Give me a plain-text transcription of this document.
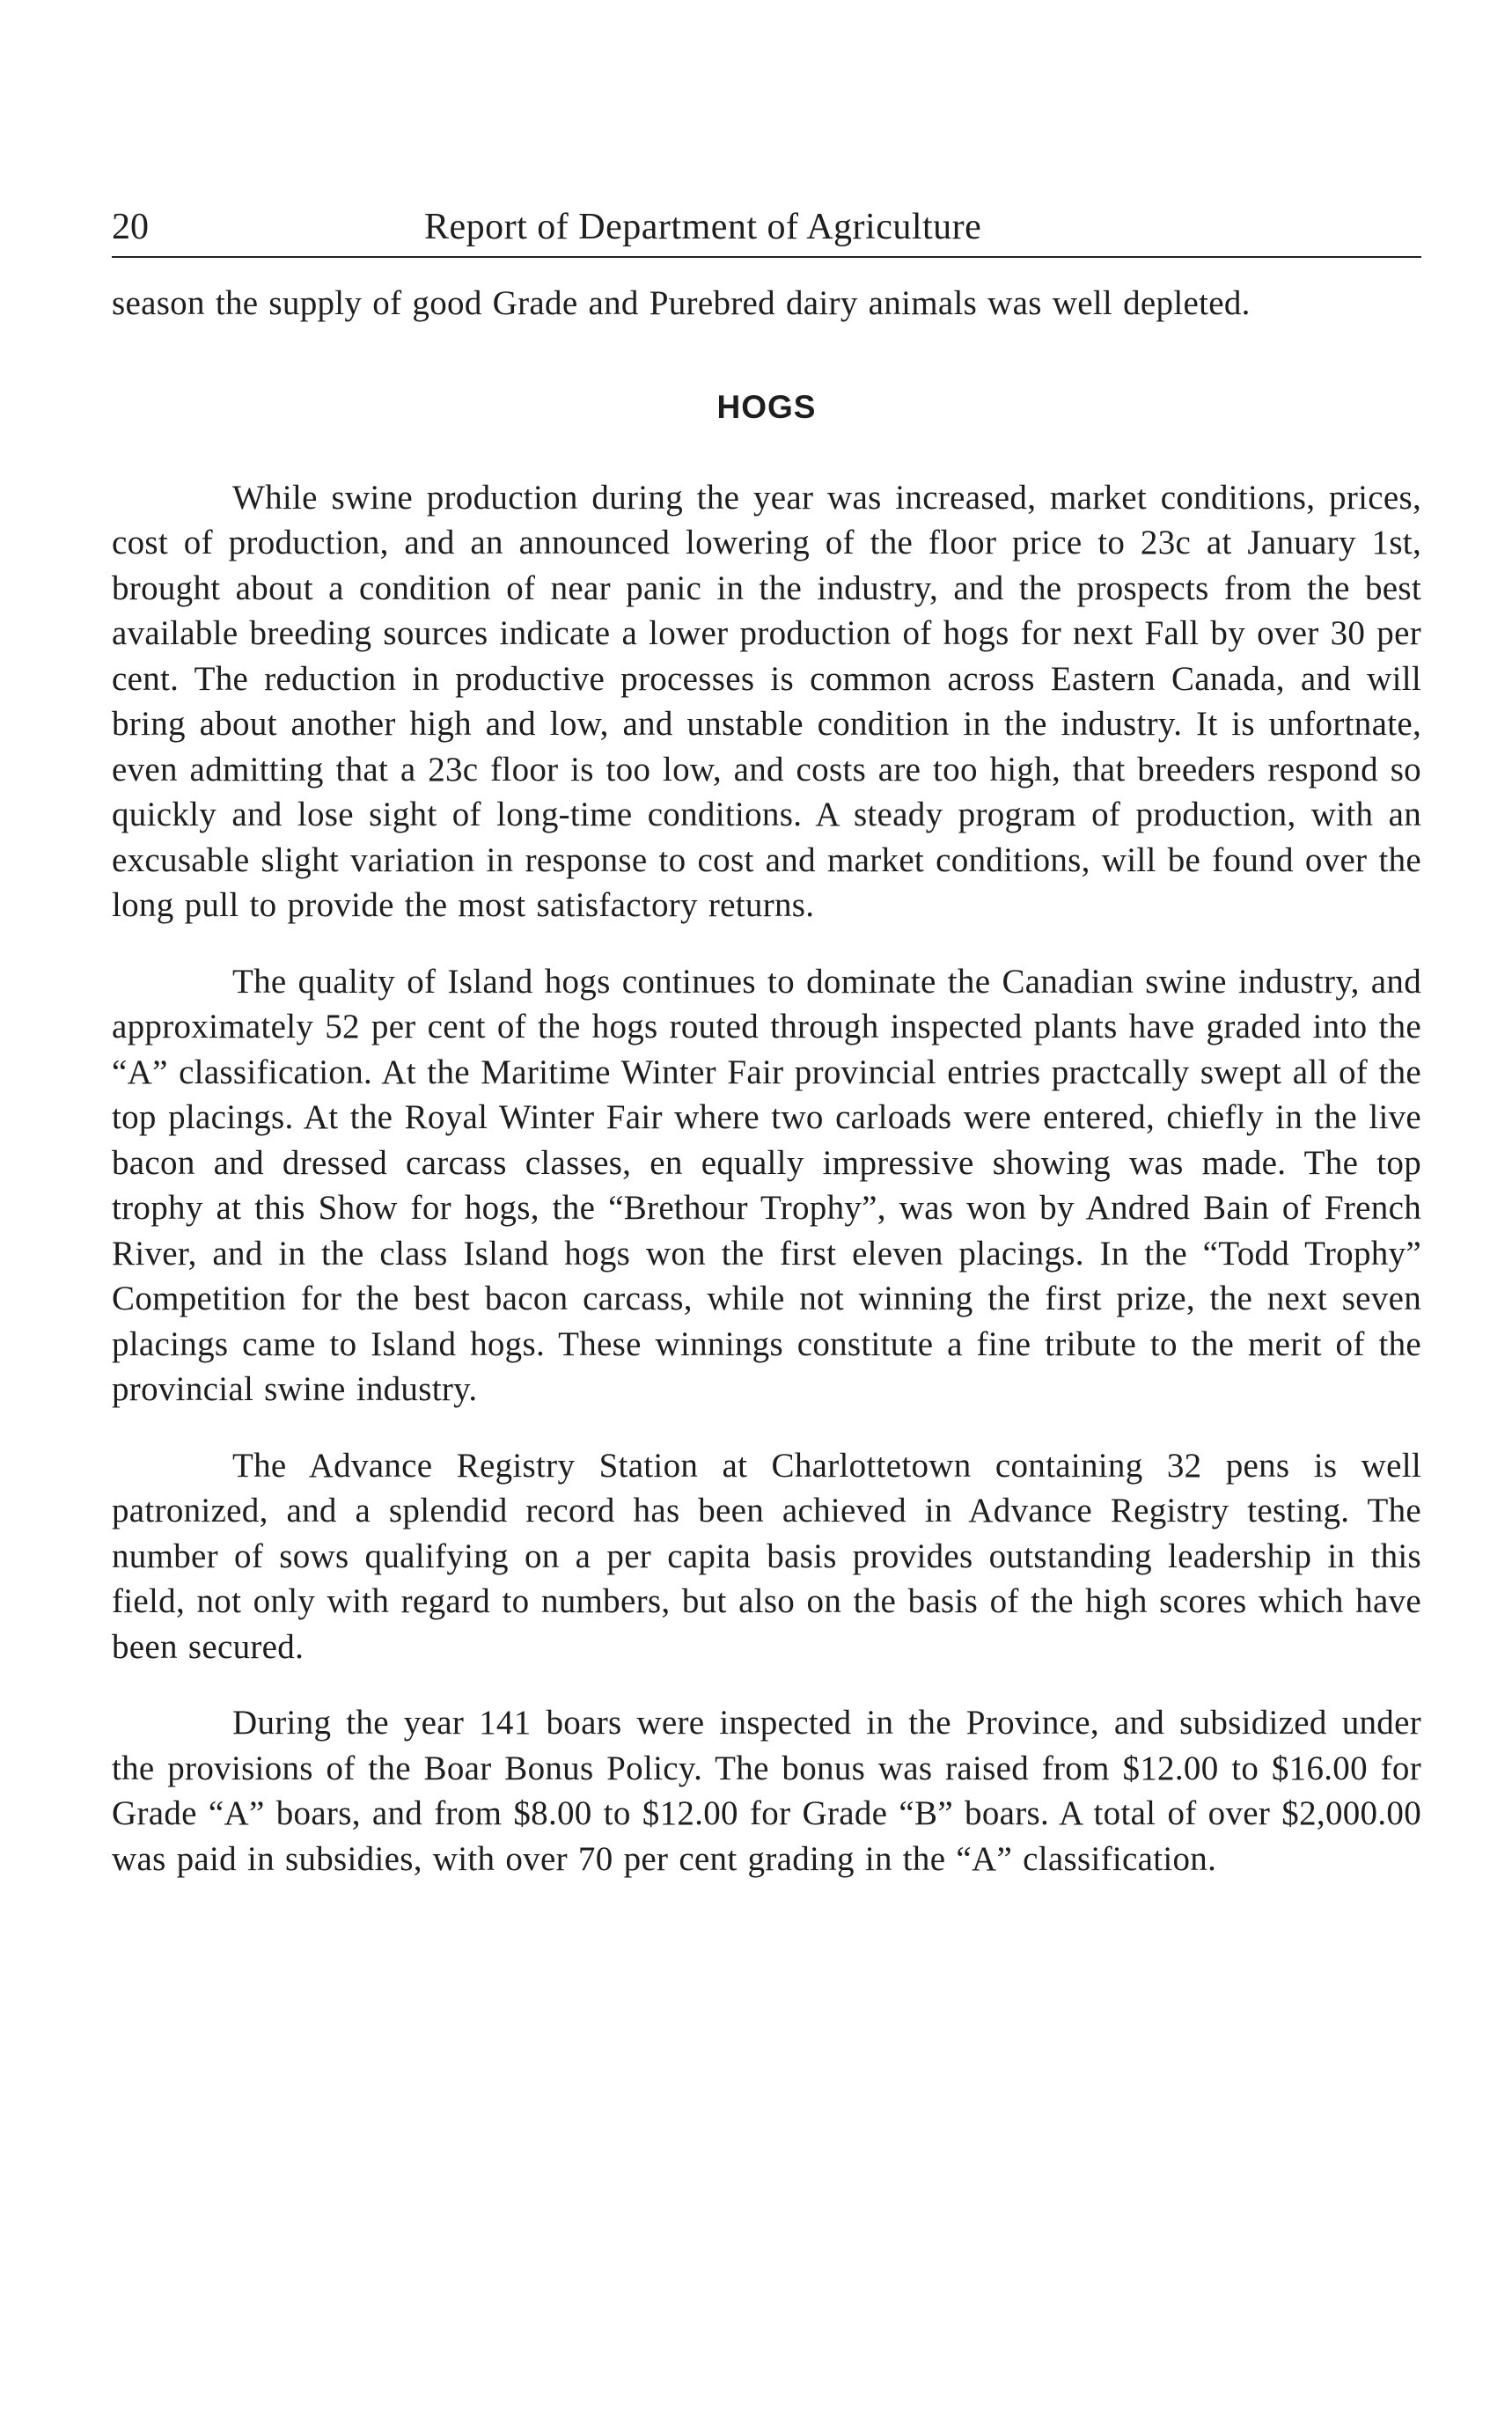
20	Report of Department of Agriculture

season the supply of good Grade and Purebred dairy animals was well depleted.

HOGS

While swine production during the year was increased, market conditions, prices, cost of production, and an announced lowering of the floor price to 23c at January 1st, brought about a condition of near panic in the industry, and the prospects from the best available breeding sources indicate a lower production of hogs for next Fall by over 30 per cent. The reduction in productive processes is common across Eastern Canada, and will bring about another high and low, and unstable condition in the industry. It is unfortnate, even admitting that a 23c floor is too low, and costs are too high, that breeders respond so quickly and lose sight of long-time conditions. A steady program of production, with an excusable slight variation in response to cost and market conditions, will be found over the long pull to provide the most satisfactory returns.

The quality of Island hogs continues to dominate the Canadian swine industry, and approximately 52 per cent of the hogs routed through inspected plants have graded into the “A” classification. At the Maritime Winter Fair provincial entries practcally swept all of the top placings. At the Royal Winter Fair where two carloads were entered, chiefly in the live bacon and dressed carcass classes, en equally impressive showing was made. The top trophy at this Show for hogs, the “Brethour Trophy”, was won by Andred Bain of French River, and in the class Island hogs won the first eleven placings. In the “Todd Trophy” Competition for the best bacon carcass, while not winning the first prize, the next seven placings came to Island hogs. These winnings constitute a fine tribute to the merit of the provincial swine industry.

The Advance Registry Station at Charlottetown containing 32 pens is well patronized, and a splendid record has been achieved in Advance Registry testing. The number of sows qualifying on a per capita basis provides outstanding leadership in this field, not only with regard to numbers, but also on the basis of the high scores which have been secured.

During the year 141 boars were inspected in the Province, and subsidized under the provisions of the Boar Bonus Policy. The bonus was raised from $12.00 to $16.00 for Grade “A” boars, and from $8.00 to $12.00 for Grade “B” boars. A total of over $2,000.00 was paid in subsidies, with over 70 per cent grading in the “A” classification.
